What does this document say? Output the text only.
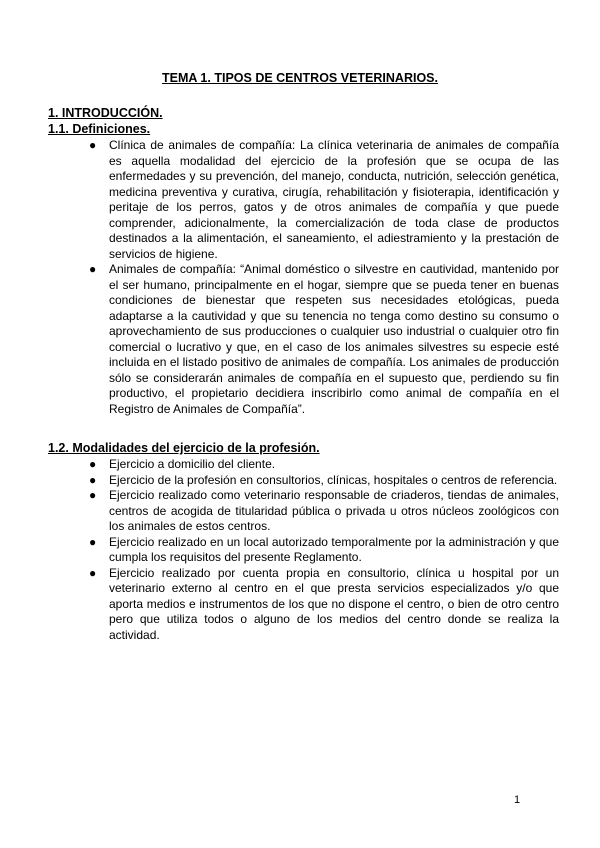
TEMA 1. TIPOS DE CENTROS VETERINARIOS.
1. INTRODUCCIÓN.
1.1. Definiciones.
● Clínica de animales de compañía: La clínica veterinaria de animales de compañía es aquella modalidad del ejercicio de la profesión que se ocupa de las enfermedades y su prevención, del manejo, conducta, nutrición, selección genética, medicina preventiva y curativa, cirugía, rehabilitación y fisioterapia, identificación y peritaje de los perros, gatos y de otros animales de compañía y que puede comprender, adicionalmente, la comercialización de toda clase de productos destinados a la alimentación, el saneamiento, el adiestramiento y la prestación de servicios de higiene.
● Animales de compañía: “Animal doméstico o silvestre en cautividad, mantenido por el ser humano, principalmente en el hogar, siempre que se pueda tener en buenas condiciones de bienestar que respeten sus necesidades etológicas, pueda adaptarse a la cautividad y que su tenencia no tenga como destino su consumo o aprovechamiento de sus producciones o cualquier uso industrial o cualquier otro fin comercial o lucrativo y que, en el caso de los animales silvestres su especie esté incluida en el listado positivo de animales de compañía. Los animales de producción sólo se considerarán animales de compañía en el supuesto que, perdiendo su fin productivo, el propietario decidiera inscribirlo como animal de compañía en el Registro de Animales de Compañía”.
1.2. Modalidades del ejercicio de la profesión.
● Ejercicio a domicilio del cliente.
● Ejercicio de la profesión en consultorios, clínicas, hospitales o centros de referencia.
● Ejercicio realizado como veterinario responsable de criaderos, tiendas de animales, centros de acogida de titularidad pública o privada u otros núcleos zoológicos con los animales de estos centros.
● Ejercicio realizado en un local autorizado temporalmente por la administración y que cumpla los requisitos del presente Reglamento.
● Ejercicio realizado por cuenta propia en consultorio, clínica u hospital por un veterinario externo al centro en el que presta servicios especializados y/o que aporta medios e instrumentos de los que no dispone el centro, o bien de otro centro pero que utiliza todos o alguno de los medios del centro donde se realiza la actividad.
1
